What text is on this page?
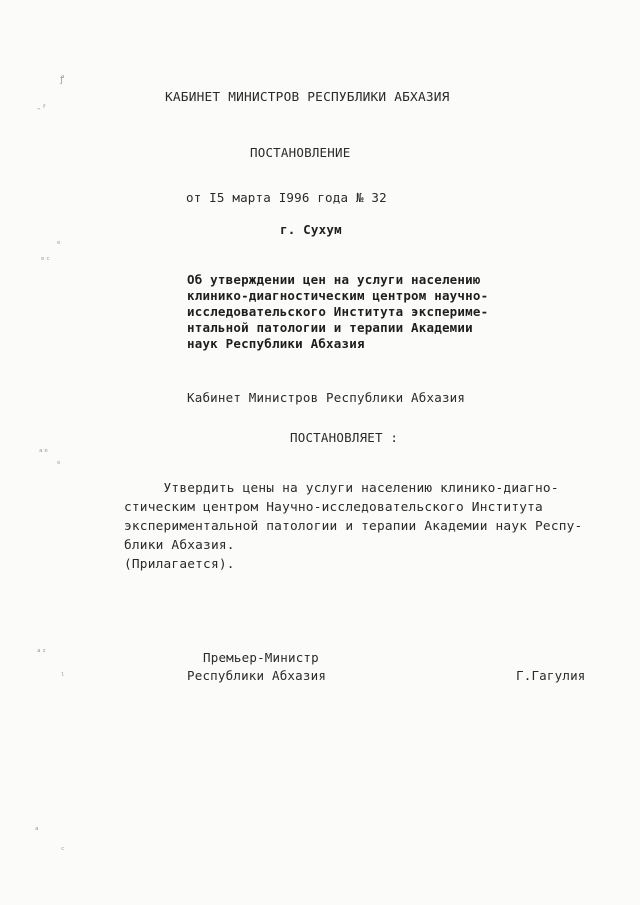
ꝭ
-ᶠ
ᵉ
ᵉᶜ
ᵃᵉ
ᵉ
ᵃᶻ
ˡ
ᵃ
ᶜ
КАБИНЕТ МИНИСТРОВ РЕСПУБЛИКИ АБХАЗИЯ
ПОСТАНОВЛЕНИЕ
от I5 марта I996 года № 32
г. Сухум
Об утверждении цен на услуги населению
клинико-диагностическим центром научно-
исследовательского Института экспериме-
нтальной патологии и терапии Академии
наук Республики Абхазия
Кабинет Министров Республики Абхазия
ПОСТАНОВЛЯЕТ :
Утвердить цены на услуги населению клинико-диагно-
стическим центром Научно-исследовательского Института
экспериментальной патологии и терапии Академии наук Респу-
блики Абхазия.
(Прилагается).
Премьер-Министр
Республики Абхазия	Г.Гагулия
